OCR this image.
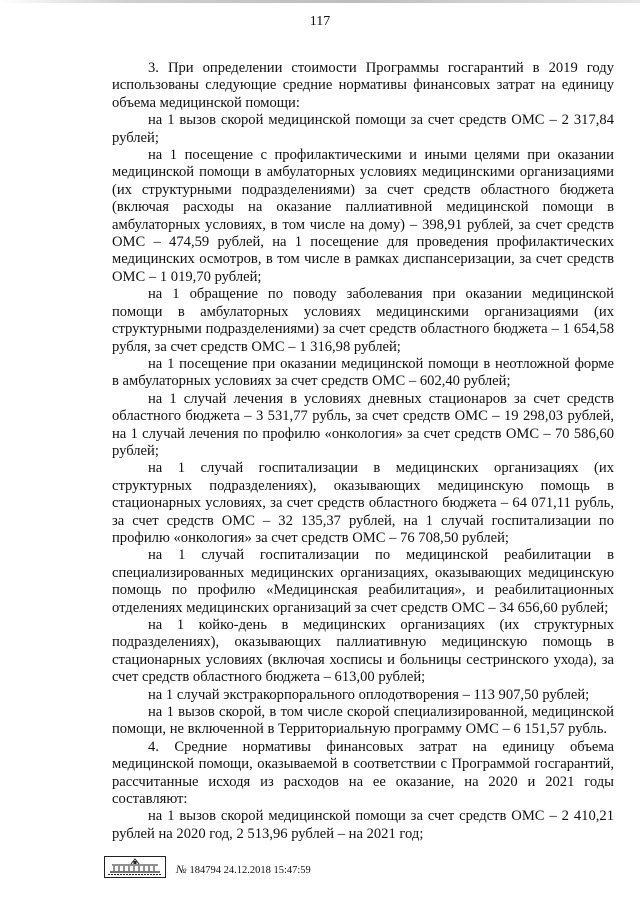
117

3. При определении стоимости Программы госгарантий в 2019 году использованы следующие средние нормативы финансовых затрат на единицу объема медицинской помощи:

на 1 вызов скорой медицинской помощи за счет средств ОМС – 2 317,84 рублей;

на 1 посещение с профилактическими и иными целями при оказании медицинской помощи в амбулаторных условиях медицинскими организациями (их структурными подразделениями) за счет средств областного бюджета (включая расходы на оказание паллиативной медицинской помощи в амбулаторных условиях, в том числе на дому) – 398,91 рублей, за счет средств ОМС – 474,59 рублей, на 1 посещение для проведения профилактических медицинских осмотров, в том числе в рамках диспансеризации, за счет средств ОМС – 1 019,70 рублей;

на 1 обращение по поводу заболевания при оказании медицинской помощи в амбулаторных условиях медицинскими организациями (их структурными подразделениями) за счет средств областного бюджета – 1 654,58 рубля, за счет средств ОМС – 1 316,98 рублей;

на 1 посещение при оказании медицинской помощи в неотложной форме в амбулаторных условиях за счет средств ОМС – 602,40 рублей;

на 1 случай лечения в условиях дневных стационаров за счет средств областного бюджета – 3 531,77 рубль, за счет средств ОМС – 19 298,03 рублей, на 1 случай лечения по профилю «онкология» за счет средств ОМС – 70 586,60 рублей;

на 1 случай госпитализации в медицинских организациях (их структурных подразделениях), оказывающих медицинскую помощь в стационарных условиях, за счет средств областного бюджета – 64 071,11 рубль, за счет средств ОМС – 32 135,37 рублей, на 1 случай госпитализации по профилю «онкология» за счет средств ОМС – 76 708,50 рублей;

на 1 случай госпитализации по медицинской реабилитации в специализированных медицинских организациях, оказывающих медицинскую помощь по профилю «Медицинская реабилитация», и реабилитационных отделениях медицинских организаций за счет средств ОМС – 34 656,60 рублей;

на 1 койко-день в медицинских организациях (их структурных подразделениях), оказывающих паллиативную медицинскую помощь в стационарных условиях (включая хосписы и больницы сестринского ухода), за счет средств областного бюджета – 613,00 рублей;

на 1 случай экстракорпорального оплодотворения – 113 907,50 рублей;

на 1 вызов скорой, в том числе скорой специализированной, медицинской помощи, не включенной в Территориальную программу ОМС – 6 151,57 рубль.

4. Средние нормативы финансовых затрат на единицу объема медицинской помощи, оказываемой в соответствии с Программой госгарантий, рассчитанные исходя из расходов на ее оказание, на 2020 и 2021 годы составляют:

на 1 вызов скорой медицинской помощи за счет средств ОМС – 2 410,21 рублей на 2020 год, 2 513,96 рублей – на 2021 год;

№ 184794 24.12.2018 15:47:59
